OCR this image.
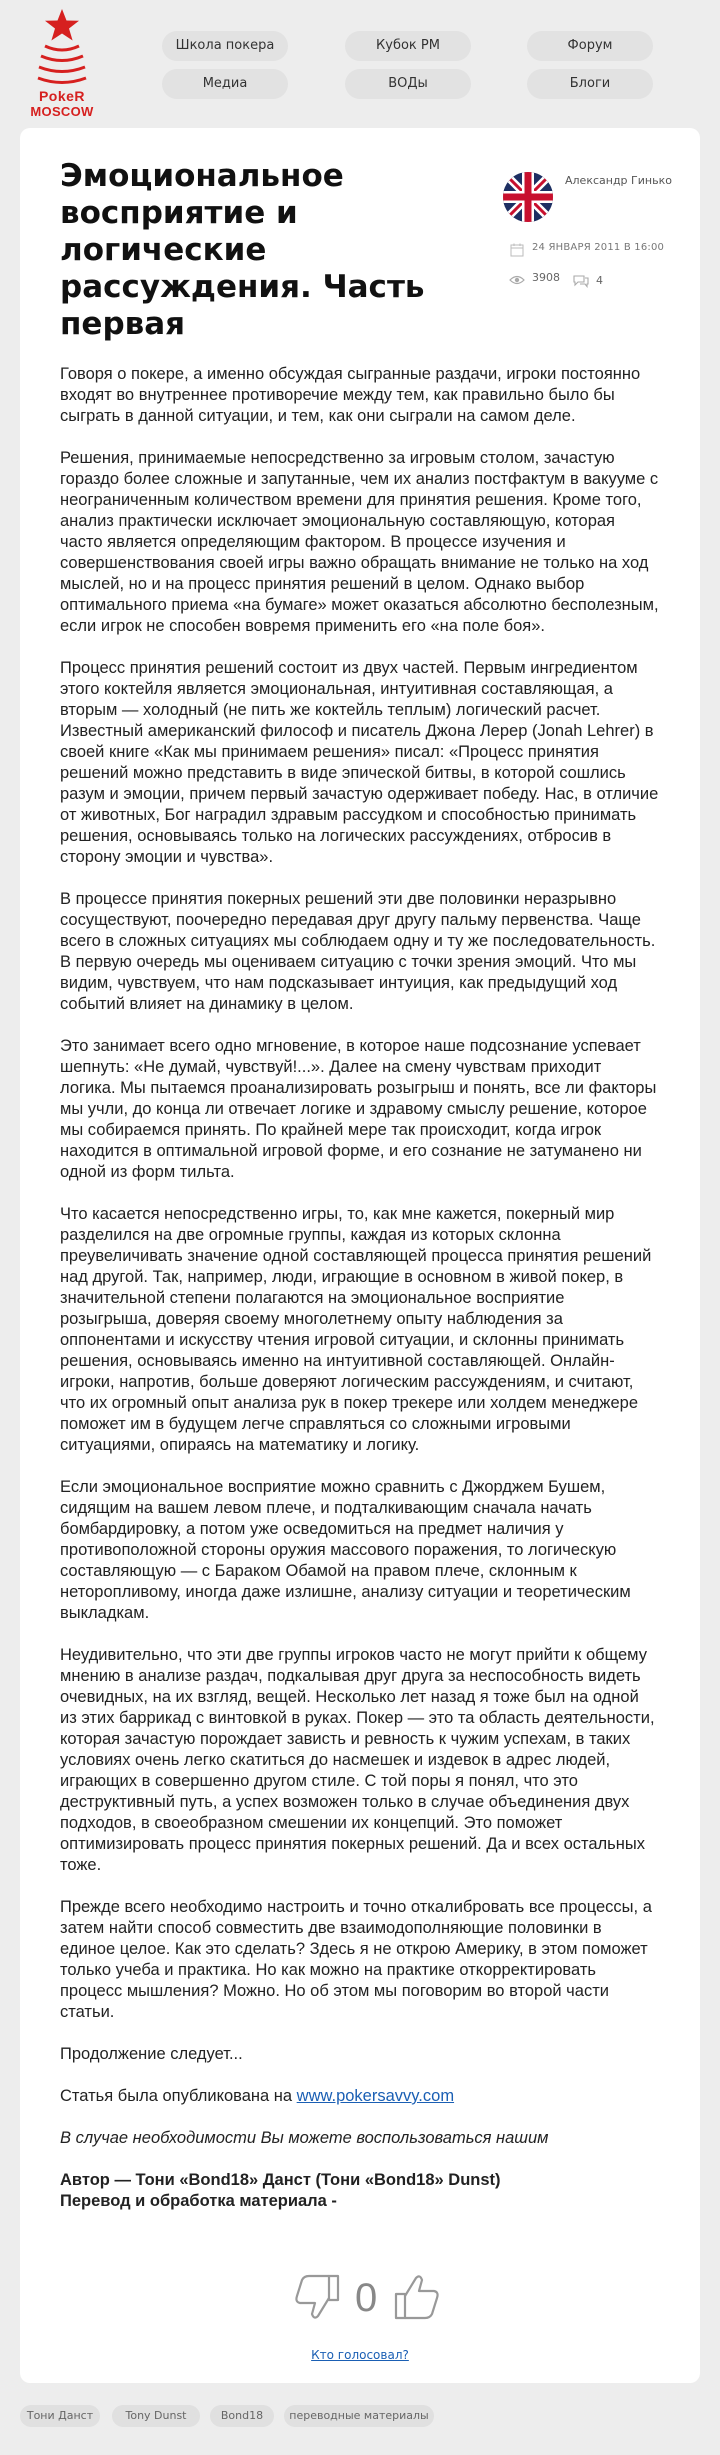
PokeR
MOSCOW
Школа покера	Кубок РМ	Форум
Медиа	ВОДы	Блоги
Эмоциональное восприятие и логические рассуждения. Часть первая
Александр Гинько
24 ЯНВАРЯ 2011 В 16:00
3908	4

Говоря о покере, а именно обсуждая сыгранные раздачи, игроки постоянно входят во внутреннее противоречие между тем, как правильно было бы сыграть в данной ситуации, и тем, как они сыграли на самом деле.

Решения, принимаемые непосредственно за игровым столом, зачастую гораздо более сложные и запутанные, чем их анализ постфактум в вакууме с неограниченным количеством времени для принятия решения. Кроме того, анализ практически исключает эмоциональную составляющую, которая часто является определяющим фактором. В процессе изучения и совершенствования своей игры важно обращать внимание не только на ход мыслей, но и на процесс принятия решений в целом. Однако выбор оптимального приема «на бумаге» может оказаться абсолютно бесполезным, если игрок не способен вовремя применить его «на поле боя».

Процесс принятия решений состоит из двух частей. Первым ингредиентом этого коктейля является эмоциональная, интуитивная составляющая, а вторым — холодный (не пить же коктейль теплым) логический расчет. Известный американский философ и писатель Джона Лерер (Jonah Lehrer) в своей книге «Как мы принимаем решения» писал: «Процесс принятия решений можно представить в виде эпической битвы, в которой сошлись разум и эмоции, причем первый зачастую одерживает победу. Нас, в отличие от животных, Бог наградил здравым рассудком и способностью принимать решения, основываясь только на логических рассуждениях, отбросив в сторону эмоции и чувства».

В процессе принятия покерных решений эти две половинки неразрывно сосуществуют, поочередно передавая друг другу пальму первенства. Чаще всего в сложных ситуациях мы соблюдаем одну и ту же последовательность. В первую очередь мы оцениваем ситуацию с точки зрения эмоций. Что мы видим, чувствуем, что нам подсказывает интуиция, как предыдущий ход событий влияет на динамику в целом.

Это занимает всего одно мгновение, в которое наше подсознание успевает шепнуть: «Не думай, чувствуй!...». Далее на смену чувствам приходит логика. Мы пытаемся проанализировать розыгрыш и понять, все ли факторы мы учли, до конца ли отвечает логике и здравому смыслу решение, которое мы собираемся принять. По крайней мере так происходит, когда игрок находится в оптимальной игровой форме, и его сознание не затуманено ни одной из форм тильта.

Что касается непосредственно игры, то, как мне кажется, покерный мир разделился на две огромные группы, каждая из которых склонна преувеличивать значение одной составляющей процесса принятия решений над другой. Так, например, люди, играющие в основном в живой покер, в значительной степени полагаются на эмоциональное восприятие розыгрыша, доверяя своему многолетнему опыту наблюдения за оппонентами и искусству чтения игровой ситуации, и склонны принимать решения, основываясь именно на интуитивной составляющей. Онлайн-игроки, напротив, больше доверяют логическим рассуждениям, и считают, что их огромный опыт анализа рук в покер трекере или холдем менеджере поможет им в будущем легче справляться со сложными игровыми ситуациями, опираясь на математику и логику.

Если эмоциональное восприятие можно сравнить с Джорджем Бушем, сидящим на вашем левом плече, и подталкивающим сначала начать бомбардировку, а потом уже осведомиться на предмет наличия у противоположной стороны оружия массового поражения, то логическую составляющую — с Бараком Обамой на правом плече, склонным к неторопливому, иногда даже излишне, анализу ситуации и теоретическим выкладкам.

Неудивительно, что эти две группы игроков часто не могут прийти к общему мнению в анализе раздач, подкалывая друг друга за неспособность видеть очевидных, на их взгляд, вещей. Несколько лет назад я тоже был на одной из этих баррикад с винтовкой в руках. Покер — это та область деятельности, которая зачастую порождает зависть и ревность к чужим успехам, в таких условиях очень легко скатиться до насмешек и издевок в адрес людей, играющих в совершенно другом стиле. С той поры я понял, что это деструктивный путь, а успех возможен только в случае объединения двух подходов, в своеобразном смешении их концепций. Это поможет оптимизировать процесс принятия покерных решений. Да и всех остальных тоже.

Прежде всего необходимо настроить и точно откалибровать все процессы, а затем найти способ совместить две взаимодополняющие половинки в единое целое. Как это сделать? Здесь я не открою Америку, в этом поможет только учеба и практика. Но как можно на практике откорректировать процесс мышления? Можно. Но об этом мы поговорим во второй части статьи.

Продолжение следует...

Статья была опубликована на www.pokersavvy.com

В случае необходимости Вы можете воспользоваться нашим

Автор — Тони «Bond18» Данст (Тони «Bond18» Dunst)

Перевод и обработка материала -

0
Кто голосовал?
Тони Данст	Tony Dunst	Bond18	переводные материалы
